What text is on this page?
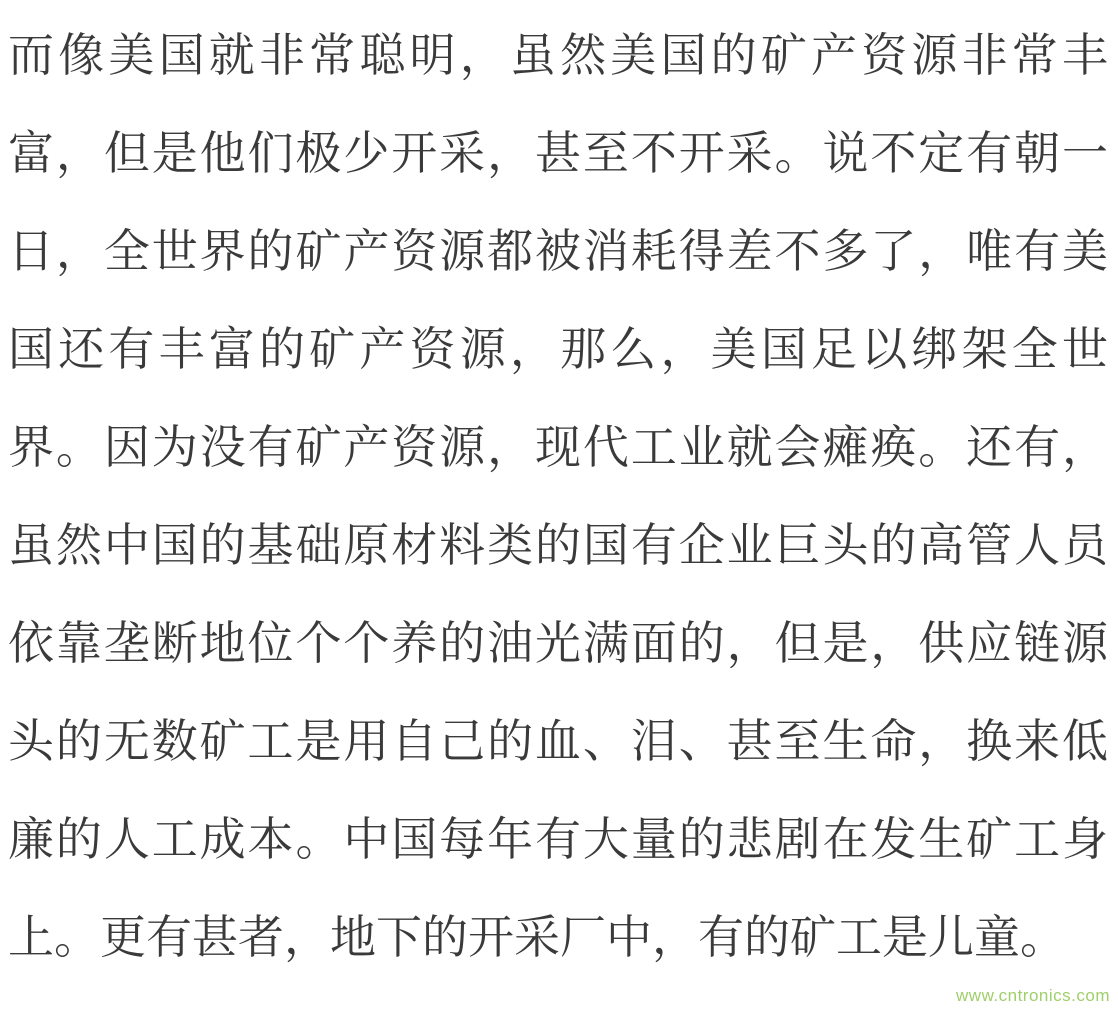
而像美国就非常聪明，虽然美国的矿产资源非常丰富，但是他们极少开采，甚至不开采。说不定有朝一日，全世界的矿产资源都被消耗得差不多了，唯有美国还有丰富的矿产资源，那么，美国足以绑架全世界。因为没有矿产资源，现代工业就会瘫痪。还有，虽然中国的基础原材料类的国有企业巨头的高管人员依靠垄断地位个个养的油光满面的，但是，供应链源头的无数矿工是用自己的血、泪、甚至生命，换来低廉的人工成本。中国每年有大量的悲剧在发生矿工身上。更有甚者，地下的开采厂中，有的矿工是儿童。

www.cntronics.com
